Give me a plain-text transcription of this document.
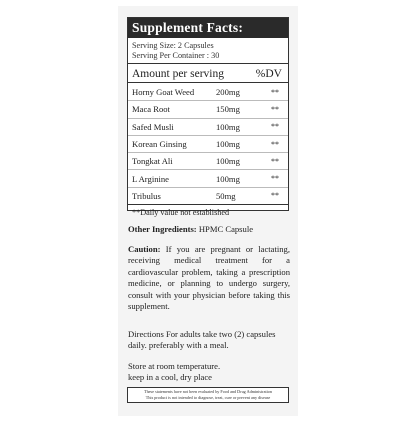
Supplement Facts:
Serving Size: 2 Capsules
Serving Per Container : 30
Amount per serving	%DV
Horny Goat Weed	200mg	**
Maca Root	150mg	**
Safed Musli	100mg	**
Korean Ginsing	100mg	**
Tongkat Ali	100mg	**
L Arginine	100mg	**
Tribulus	50mg	**
**Daily value not established
Other Ingredients: HPMC Capsule
Caution: If you are pregnant or lactating, receiving medical treatment for a cardiovascular problem, taking a prescription medicine, or planning to undergo surgery, consult with your physician before taking this supplement.
Directions For adults take two (2) capsules daily. preferably with a meal.
Store at room temperature.
keep in a cool, dry place
These statements have not been evaluated by Food and Drug Administration
This product is not intended to diagnose, treat, cure or prevent any disease
